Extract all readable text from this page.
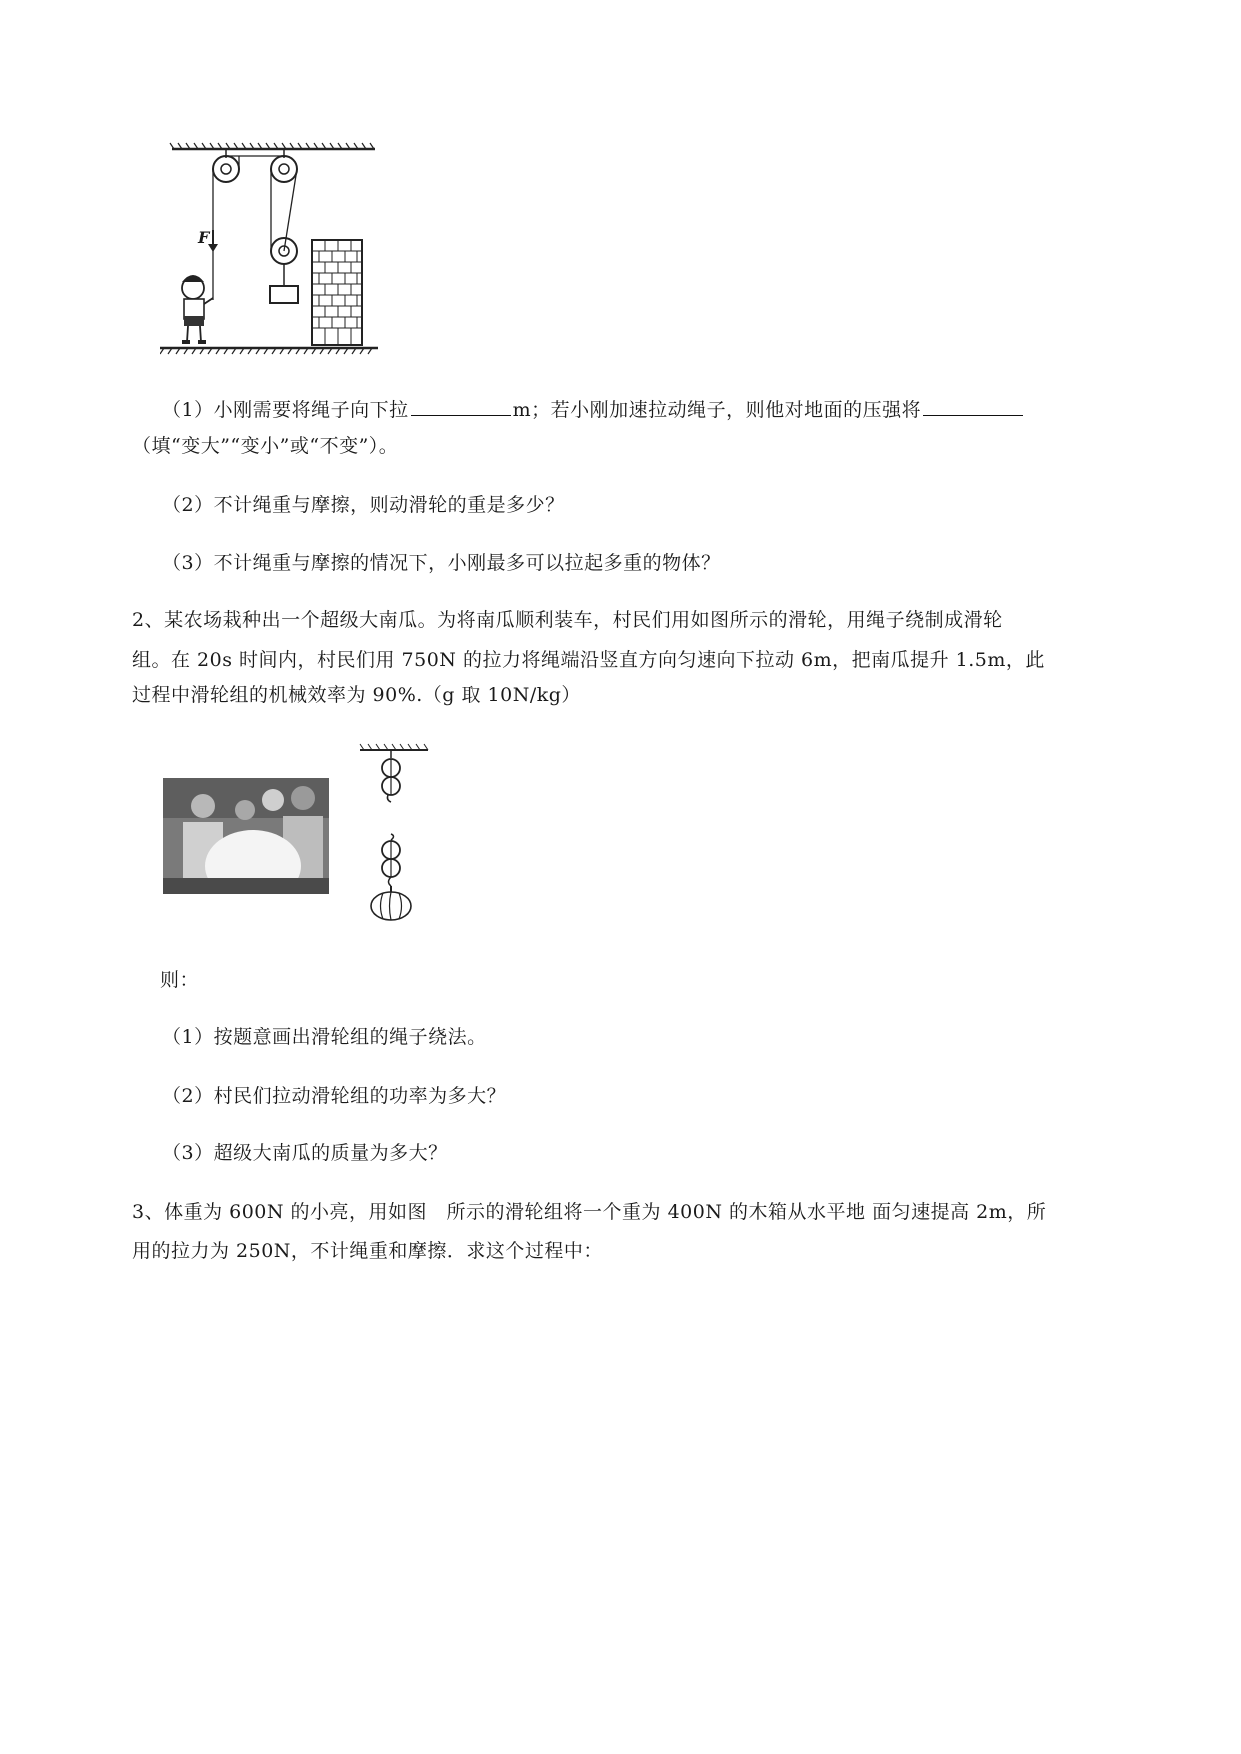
F
（1）小刚需要将绳子向下拉	m；若小刚加速拉动绳子，则他对地面的压强将
（填“变大”“变小”或“不变”）。
（2）不计绳重与摩擦，则动滑轮的重是多少？
（3）不计绳重与摩擦的情况下，小刚最多可以拉起多重的物体？
2、某农场栽种出一个超级大南瓜。为将南瓜顺利装车，村民们用如图所示的滑轮，用绳子绕制成滑轮
组。在 20s 时间内，村民们用 750N 的拉力将绳端沿竖直方向匀速向下拉动 6m，把南瓜提升 1.5m，此
过程中滑轮组的机械效率为 90%.（g 取 10N/kg）
则：
（1）按题意画出滑轮组的绳子绕法。
（2）村民们拉动滑轮组的功率为多大？
（3）超级大南瓜的质量为多大？
3、体重为 600N 的小亮，用如图　所示的滑轮组将一个重为 400N 的木箱从水平地 面匀速提高 2m，所
用的拉力为 250N，不计绳重和摩擦．求这个过程中：
